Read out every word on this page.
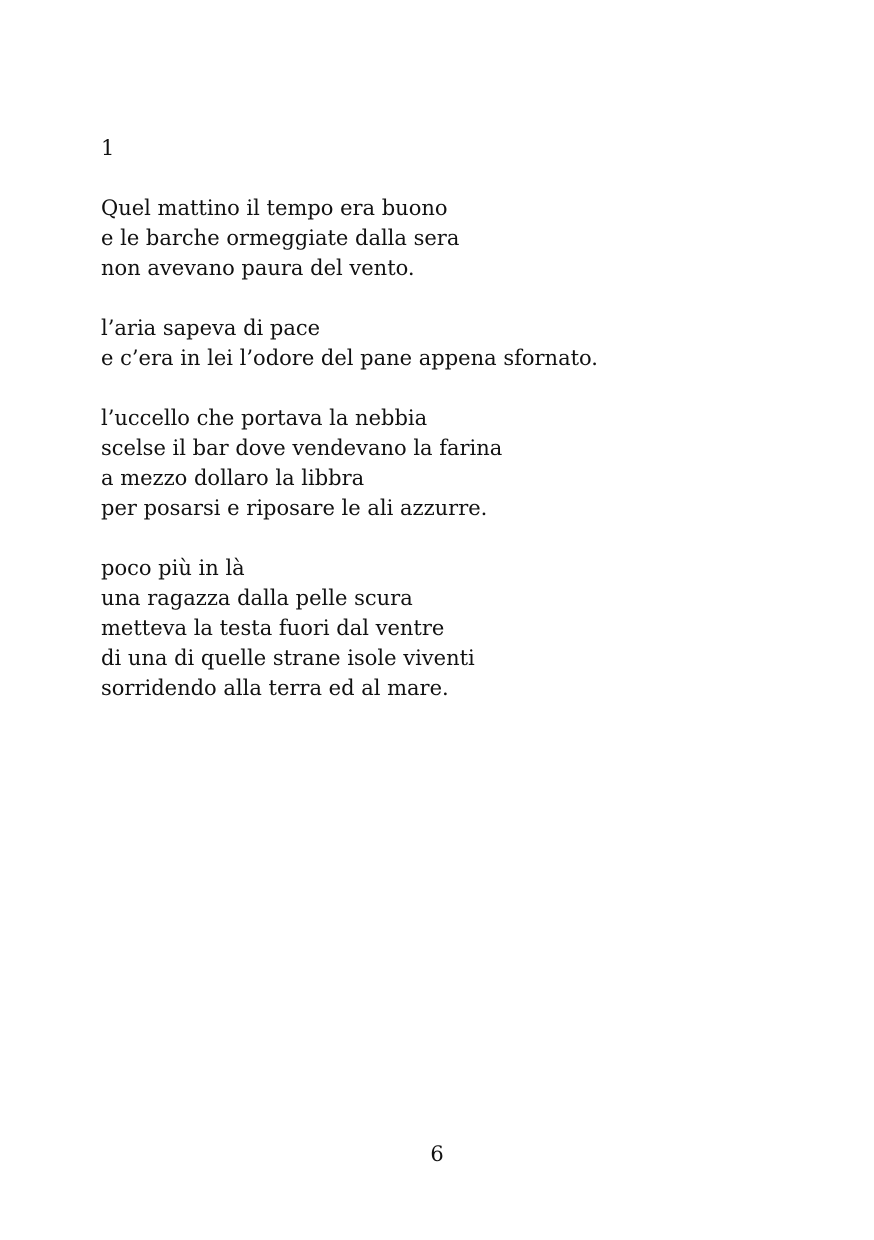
1
Quel mattino il tempo era buono
e le barche ormeggiate dalla sera
non avevano paura del vento.
l’aria sapeva di pace
e c’era in lei l’odore del pane appena sfornato.
l’uccello che portava la nebbia
scelse il bar dove vendevano la farina
a mezzo dollaro la libbra
per posarsi e riposare le ali azzurre.
poco più in là
una ragazza dalla pelle scura
metteva la testa fuori dal ventre
di una di quelle strane isole viventi
sorridendo alla terra ed al mare.
6
